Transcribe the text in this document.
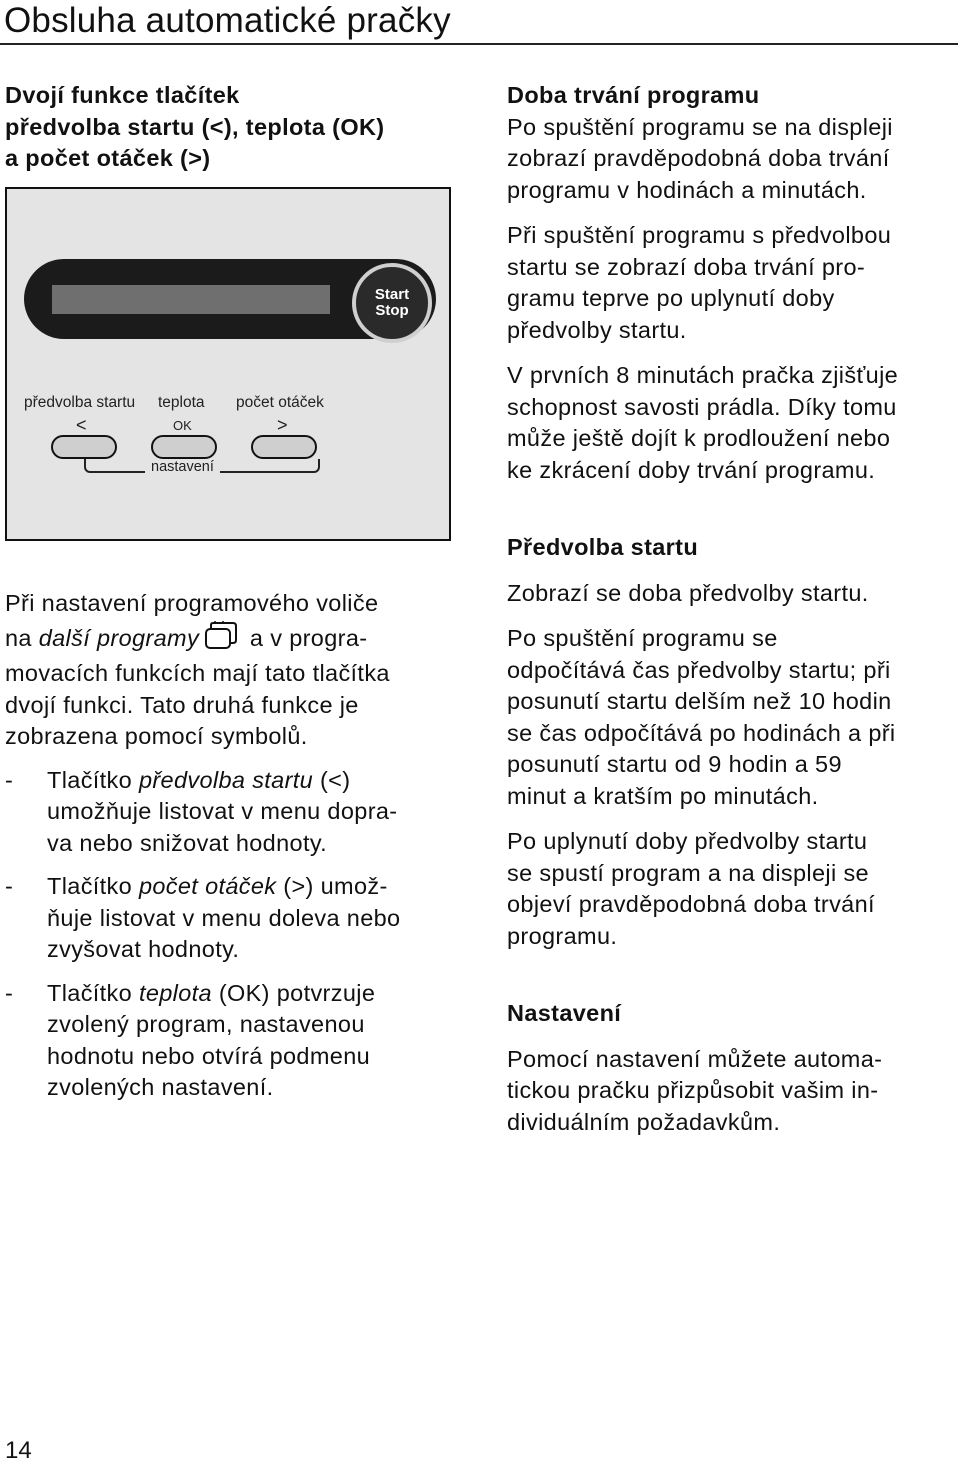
Obsluha automatické pračky

Dvojí funkce tlačítek

předvolba startu (<), teplota (OK)

a počet otáček (>)

Start
Stop
předvolba startu teplota počet otáček
<	OK	>
nastavení

Při nastavení programového voliče

na další programy a v progra-

movacích funkcích mají tato tlačítka

dvojí funkci. Tato druhá funkce je

zobrazena pomocí symbolů.

- Tlačítko předvolba startu (<)

umožňuje listovat v menu dopra-

va nebo snižovat hodnoty.

- Tlačítko počet otáček (>) umož-

ňuje listovat v menu doleva nebo

zvyšovat hodnoty.

- Tlačítko teplota (OK) potvrzuje

zvolený program, nastavenou

hodnotu nebo otvírá podmenu

zvolených nastavení.

Doba trvání programu

Po spuštění programu se na displeji

zobrazí pravděpodobná doba trvání

programu v hodinách a minutách.

Při spuštění programu s předvolbou

startu se zobrazí doba trvání pro-

gramu teprve po uplynutí doby

předvolby startu.

V prvních 8 minutách pračka zjišťuje

schopnost savosti prádla. Díky tomu

může ještě dojít k prodloužení nebo

ke zkrácení doby trvání programu.

Předvolba startu

Zobrazí se doba předvolby startu.

Po spuštění programu se

odpočítává čas předvolby startu; při

posunutí startu delším než 10 hodin

se čas odpočítává po hodinách a při

posunutí startu od 9 hodin a 59

minut a kratším po minutách.

Po uplynutí doby předvolby startu

se spustí program a na displeji se

objeví pravděpodobná doba trvání

programu.

Nastavení

Pomocí nastavení můžete automa-

tickou pračku přizpůsobit vašim in-

dividuálním požadavkům.

14
